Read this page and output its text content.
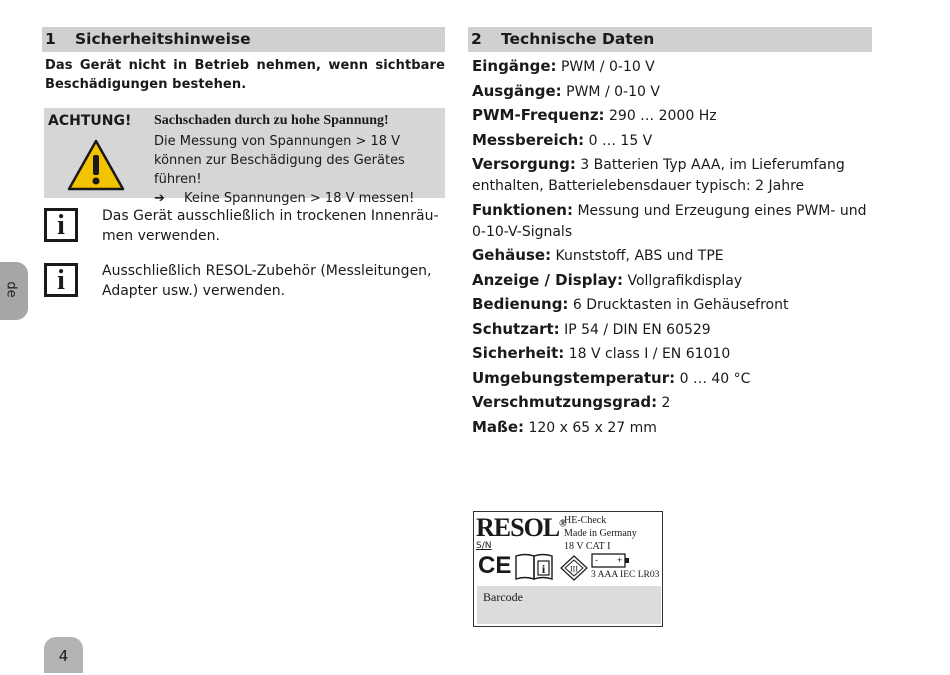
de
1 Sicherheitshinweise
Das Gerät nicht in Betrieb nehmen, wenn sichtbare Beschädigungen bestehen.
ACHTUNG! Sachschaden durch zu hohe Spannung!
Die Messung von Spannungen > 18 V können zur Beschädigung des Gerätes führen!
➔ Keine Spannungen > 18 V messen!
i	Das Gerät ausschließlich in trockenen Innenräu-men verwenden.
i	Ausschließlich RESOL-Zubehör (Messleitungen, Adapter usw.) verwenden.
2 Technische Daten
Eingänge: PWM / 0-10 V
Ausgänge: PWM / 0-10 V
PWM-Frequenz: 290 … 2000 Hz
Messbereich: 0 … 15 V
Versorgung: 3 Batterien Typ AAA, im Lieferumfang enthalten, Batterielebensdauer typisch: 2 Jahre
Funktionen: Messung und Erzeugung eines PWM- und 0-10-V-Signals
Gehäuse: Kunststoff, ABS und TPE
Anzeige / Display: Vollgrafikdisplay
Bedienung: 6 Drucktasten in Gehäusefront
Schutzart: IP 54 / DIN EN 60529
Sicherheit: 18 V class I / EN 61010
Umgebungstemperatur: 0 … 40 °C
Verschmutzungsgrad: 2
Maße: 120 x 65 x 27 mm
RESOL®
HE-Check
Made in Germany
18 V CAT I
S/N
CE	i	III
- +
3 AAA IEC LR03
Barcode
4
